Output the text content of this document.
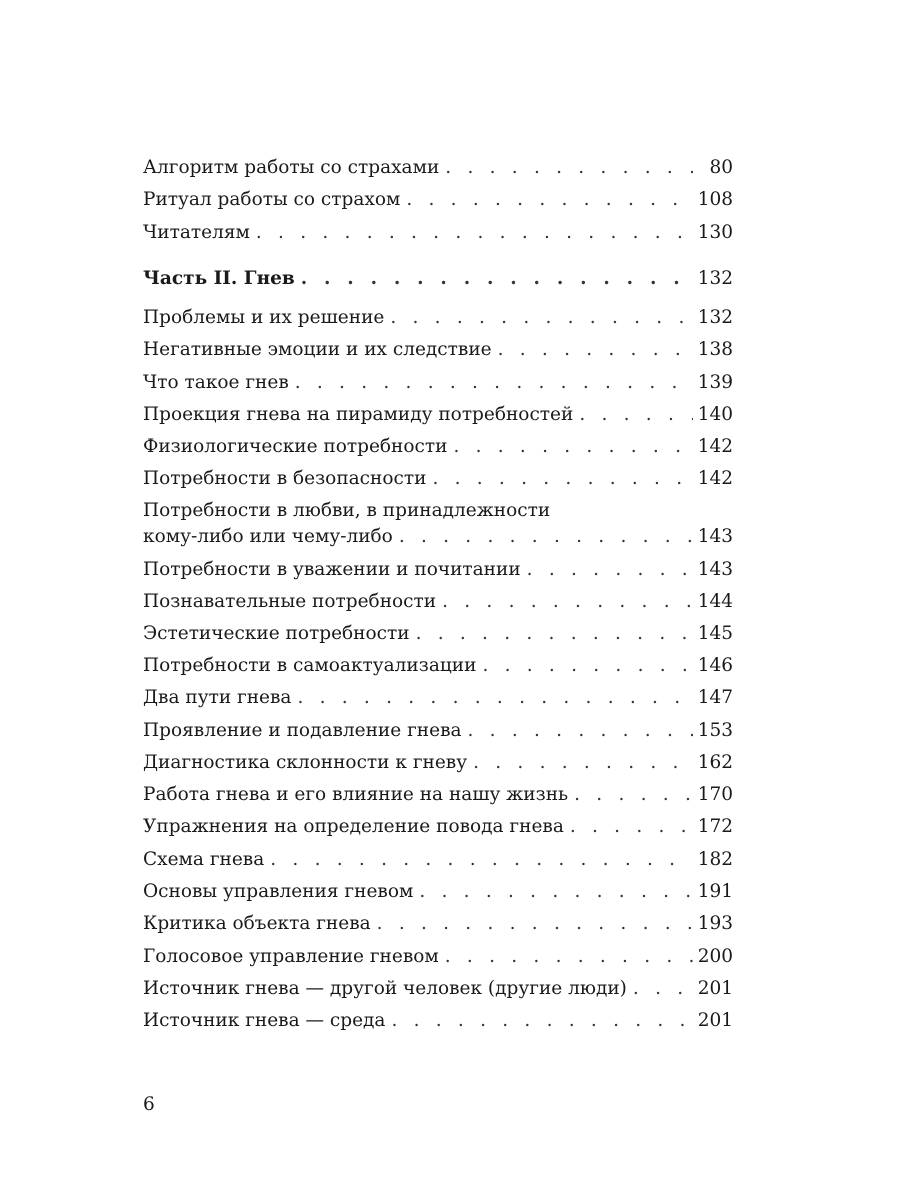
Алгоритм работы со страхами . . .	80
Ритуал работы со страхом . . .	108
Читателям . . .	130
Часть II. Гнев . . .	132
Проблемы и их решение . . .	132
Негативные эмоции и их следствие . . .	138
Что такое гнев . . .	139
Проекция гнева на пирамиду потребностей . . .	140
Физиологические потребности . . .	142
Потребности в безопасности . . .	142
Потребности в любви, в принадлежности
кому-либо или чему-либо . . .	143
Потребности в уважении и почитании . . .	143
Познавательные потребности . . .	144
Эстетические потребности . . .	145
Потребности в самоактуализации . . .	146
Два пути гнева . . .	147
Проявление и подавление гнева . . .	153
Диагностика склонности к гневу . . .	162
Работа гнева и его влияние на нашу жизнь . . .	170
Упражнения на определение повода гнева . . .	172
Схема гнева . . .	182
Основы управления гневом . . .	191
Критика объекта гнева . . .	193
Голосовое управление гневом . . .	200
Источник гнева — другой человек (другие люди) . . .	201
Источник гнева — среда . . .	201
6
